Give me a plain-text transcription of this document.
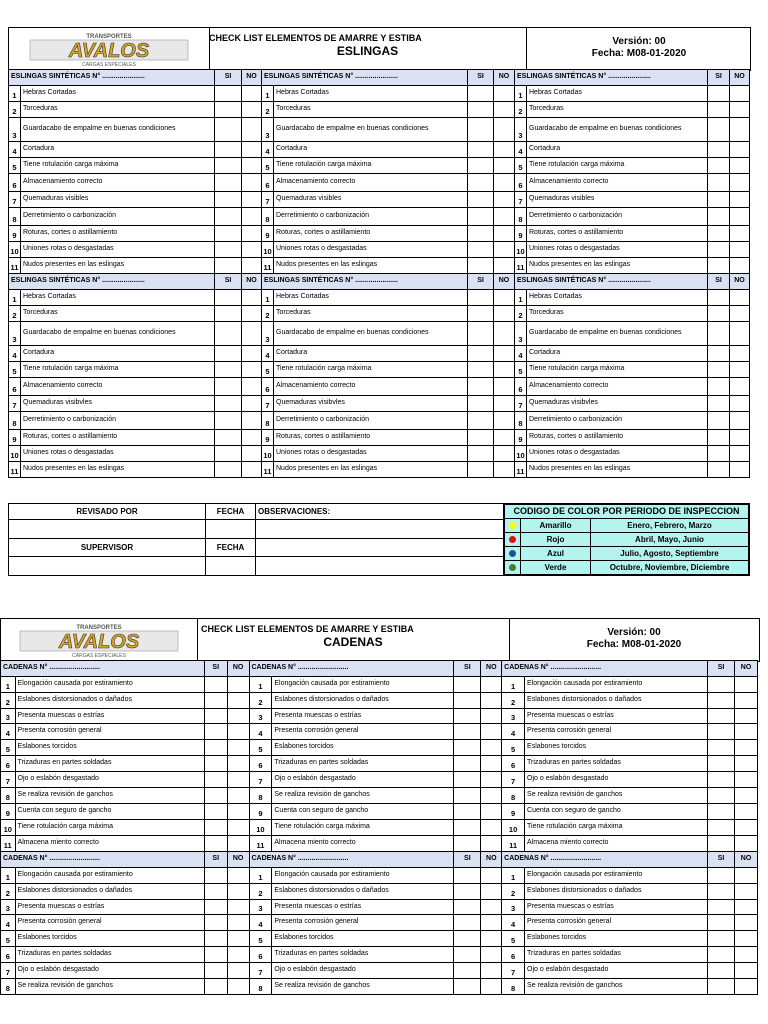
TRANSPORTES
AVALOS
CARGAS ESPECIALES
CHECK LIST ELEMENTOS DE AMARRE Y ESTIBA
ESLINGAS
Versión: 00
Fecha: M08-01-2020
ESLINGAS SINTÉTICAS N° ......................		SI	NO	ESLINGAS SINTÉTICAS N° ......................		SI	NO	ESLINGAS SINTÉTICAS N° ......................		SI	NO
1	Hebras Cortadas			1	Hebras Cortadas			1	Hebras Cortadas		
2	Torceduras			2	Torceduras			2	Torceduras		
3	Guardacabo de empalme en buenas condiciones			3	Guardacabo de empalme en buenas condiciones			3	Guardacabo de empalme en buenas condiciones		
4	Cortadura			4	Cortadura			4	Cortadura		
5	Tiene rotulación carga máxima			5	Tiene rotulación carga máxima			5	Tiene rotulación carga máxima		
6	Almacenamiento correcto			6	Almacenamiento correcto			6	Almacenamiento correcto		
7	Quemaduras visibles			7	Quemaduras visibles			7	Quemaduras visibles		
8	Derretimiento o carbonización			8	Derretimiento o carbonización			8	Derretimiento o carbonización		
9	Roturas, cortes o astillamiento			9	Roturas, cortes o astillamiento			9	Roturas, cortes o astillamiento		
10	Uniones rotas o desgastadas			10	Uniones rotas o desgastadas			10	Uniones rotas o desgastadas		
11	Nudos presentes en las eslingas			11	Nudos presentes en las eslingas			11	Nudos presentes en las eslingas		
ESLINGAS SINTÉTICAS N° ......................		SI	NO	ESLINGAS SINTÉTICAS N° ......................		SI	NO	ESLINGAS SINTÉTICAS N° ......................		SI	NO
1	Hebras Cortadas			1	Hebras Cortadas			1	Hebras Cortadas		
2	Torceduras			2	Torceduras			2	Torceduras		
3	Guardacabo de empalme en buenas condiciones			3	Guardacabo de empalme en buenas condiciones			3	Guardacabo de empalme en buenas condiciones		
4	Cortadura			4	Cortadura			4	Cortadura		
5	Tiene rotulación carga máxima			5	Tiene rotulación carga máxima			5	Tiene rotulación carga máxima		
6	Almacenamiento correcto			6	Almacenamiento correcto			6	Almacenamiento correcto		
7	Quemaduras visibvles			7	Quemaduras visibvles			7	Quemaduras visibvles		
8	Derretimiento o carbonización			8	Derretimiento o carbonización			8	Derretimiento o carbonización		
9	Roturas, cortes o astillamiento			9	Roturas, cortes o astillamiento			9	Roturas, cortes o astillamiento		
10	Uniones rotas o desgastadas			10	Uniones rotas o desgastadas			10	Uniones rotas o desgastadas		
11	Nudos presentes en las eslingas			11	Nudos presentes en las eslingas			11	Nudos presentes en las eslingas		
REVISADO POR	FECHA	OBSERVACIONES:		CODIGO DE COLOR POR PERIODO DE INSPECCION
	Amarillo	Enero, Febrero, Marzo
	Rojo	Abril, Mayo, Junio
	Azul	Julio, Agosto, Septiembre
	Verde	Octubre, Noviembre, Diciembre

SUPERVISOR	FECHA	

TRANSPORTES
AVALOS
CARGAS ESPECIALES
CHECK LIST ELEMENTOS DE AMARRE Y ESTIBA
CADENAS
Versión: 00
Fecha: M08-01-2020
CADENAS N° ..........................		SI	NO	CADENAS N° ..........................		SI	NO	CADENAS N° ..........................		SI	NO
1	Elongación causada por estiramiento			1	Elongación causada por estiramiento			1	Elongación causada por estiramiento		
2	Eslabones distorsionados o dañados			2	Eslabones distorsionados o dañados			2	Eslabones distorsionados o dañados		
3	Presenta muescas o estrías			3	Presenta muescas o estrías			3	Presenta muescas o estrías		
4	Presenta corrosión general			4	Presenta corrosión general			4	Presenta corrosión general		
5	Eslabones torcidos			5	Eslabones torcidos			5	Eslabones torcidos		
6	Trizaduras en partes soldadas			6	Trizaduras en partes soldadas			6	Trizaduras en partes soldadas		
7	Ojo o eslabón desgastado			7	Ojo o eslabón desgastado			7	Ojo o eslabón desgastado		
8	Se realiza revisión de ganchos			8	Se realiza revisión de ganchos			8	Se realiza revisión de ganchos		
9	Cuenta con seguro de gancho			9	Cuenta con seguro de gancho			9	Cuenta con seguro de gancho		
10	Tiene rotulación carga máxima			10	Tiene rotulación carga máxima			10	Tiene rotulación carga máxima		
11	Almacena miento correcto			11	Almacena miento correcto			11	Almacena miento correcto		
CADENAS N° ..........................		SI	NO	CADENAS N° ..........................		SI	NO	CADENAS N° ..........................		SI	NO
1	Elongación causada por estiramiento			1	Elongación causada por estiramiento			1	Elongación causada por estiramiento		
2	Eslabones distorsionados o dañados			2	Eslabones distorsionados o dañados			2	Eslabones distorsionados o dañados		
3	Presenta muescas o estrías			3	Presenta muescas o estrías			3	Presenta muescas o estrías		
4	Presenta corrosión general			4	Presenta corrosión general			4	Presenta corrosión general		
5	Eslabones torcidos			5	Eslabones torcidos			5	Eslabones torcidos		
6	Trizaduras en partes soldadas			6	Trizaduras en partes soldadas			6	Trizaduras en partes soldadas		
7	Ojo o eslabón desgastado			7	Ojo o eslabón desgastado			7	Ojo o eslabón desgastado		
8	Se realiza revisión de ganchos			8	Se realiza revisión de ganchos			8	Se realiza revisión de ganchos		
